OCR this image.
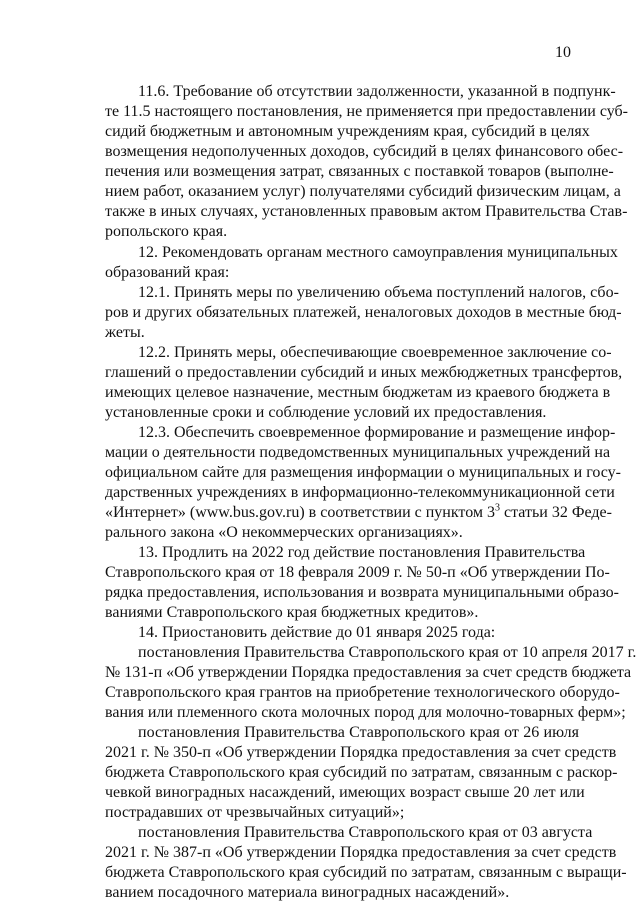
10
11.6. Требование об отсутствии задолженности, указанной в подпунк-
те 11.5 настоящего постановления, не применяется при предоставлении суб-
сидий бюджетным и автономным учреждениям края, субсидий в целях
возмещения недополученных доходов, субсидий в целях финансового обес-
печения или возмещения затрат, связанных с поставкой товаров (выполне-
нием работ, оказанием услуг) получателями субсидий физическим лицам, а
также в иных случаях, установленных правовым актом Правительства Став-
ропольского края.
12. Рекомендовать органам местного самоуправления муниципальных
образований края:
12.1. Принять меры по увеличению объема поступлений налогов, сбо-
ров и других обязательных платежей, неналоговых доходов в местные бюд-
жеты.
12.2. Принять меры, обеспечивающие своевременное заключение со-
глашений о предоставлении субсидий и иных межбюджетных трансфертов,
имеющих целевое назначение, местным бюджетам из краевого бюджета в
установленные сроки и соблюдение условий их предоставления.
12.3. Обеспечить своевременное формирование и размещение инфор-
мации о деятельности подведомственных муниципальных учреждений на
официальном сайте для размещения информации о муниципальных и госу-
дарственных учреждениях в информационно-телекоммуникационной сети
«Интернет» (www.bus.gov.ru) в соответствии с пунктом $3^3$ статьи 32 Феде-
рального закона «О некоммерческих организациях».
13. Продлить на 2022 год действие постановления Правительства
Ставропольского края от 18 февраля 2009 г. № 50-п «Об утверждении По-
рядка предоставления, использования и возврата муниципальными образо-
ваниями Ставропольского края бюджетных кредитов».
14. Приостановить действие до 01 января 2025 года:
постановления Правительства Ставропольского края от 10 апреля 2017 г.
№ 131-п «Об утверждении Порядка предоставления за счет средств бюджета
Ставропольского края грантов на приобретение технологического оборудо-
вания или племенного скота молочных пород для молочно-товарных ферм»;
постановления Правительства Ставропольского края от 26 июля
2021 г. № 350-п «Об утверждении Порядка предоставления за счет средств
бюджета Ставропольского края субсидий по затратам, связанным с раскор-
чевкой виноградных насаждений, имеющих возраст свыше 20 лет или
пострадавших от чрезвычайных ситуаций»;
постановления Правительства Ставропольского края от 03 августа
2021 г. № 387-п «Об утверждении Порядка предоставления за счет средств
бюджета Ставропольского края субсидий по затратам, связанным с выращи-
ванием посадочного материала виноградных насаждений».
